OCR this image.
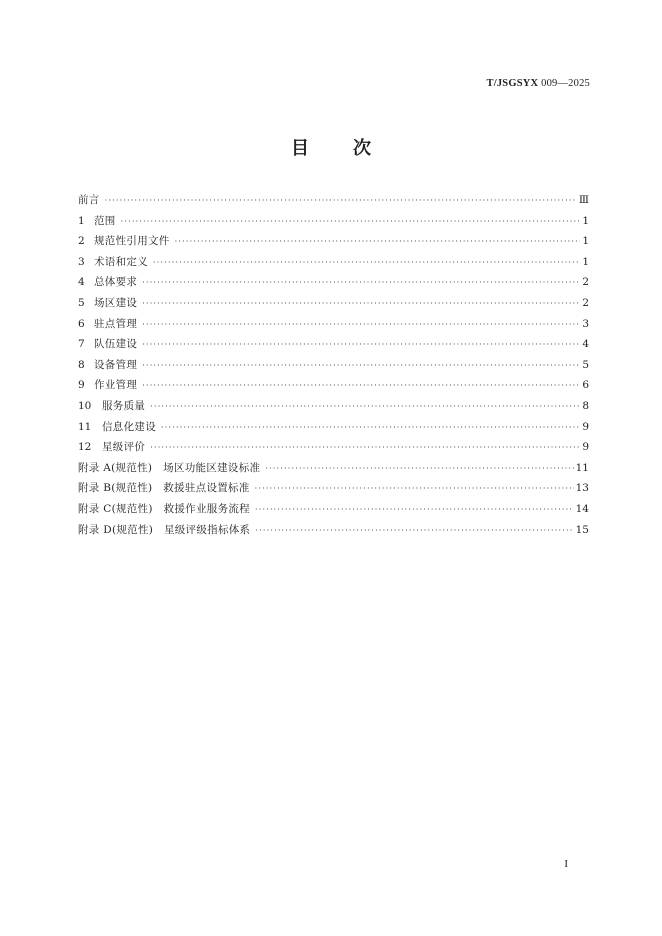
T/JSGSYX 009—2025
目 次
前言 ·····	Ⅲ
1 范围 ·····	1
2 规范性引用文件 ·····	1
3 术语和定义 ·····	1
4 总体要求 ·····	2
5 场区建设 ·····	2
6 驻点管理 ·····	3
7 队伍建设 ·····	4
8 设备管理 ·····	5
9 作业管理 ·····	6
10	服务质量 ·····	8
11	信息化建设 ·····	9
12	星级评价 ·····	9
附录 A(规范性)　场区功能区建设标准 ·····	11
附录 B(规范性)　救援驻点设置标准 ·····	13
附录 C(规范性)　救援作业服务流程 ·····	14
附录 D(规范性)　星级评级指标体系 ·····	15
I
